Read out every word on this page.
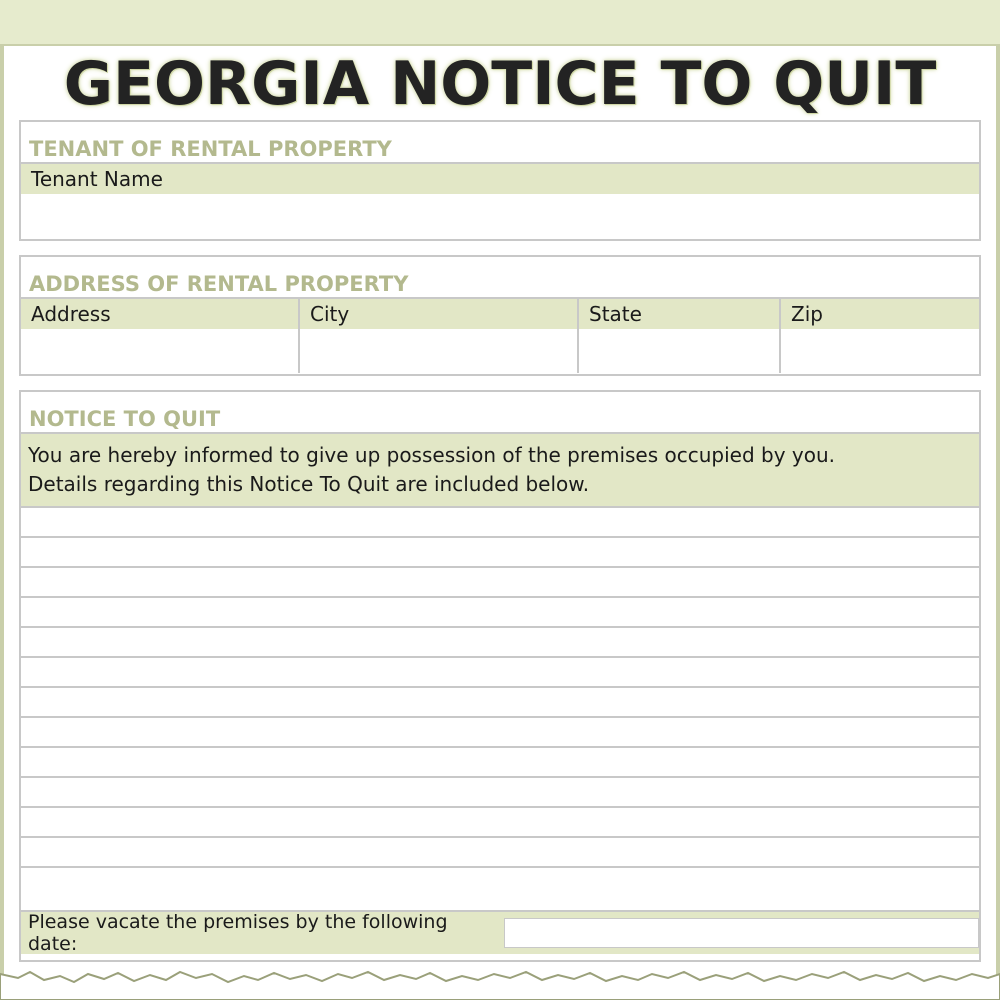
GEORGIA NOTICE TO QUIT
TENANT OF RENTAL PROPERTY
Tenant Name
ADDRESS OF RENTAL PROPERTY
Address	City	State	Zip
NOTICE TO QUIT
You are hereby informed to give up possession of the premises occupied by you.
Details regarding this Notice To Quit are included below.
Please vacate the premises by the following date:
